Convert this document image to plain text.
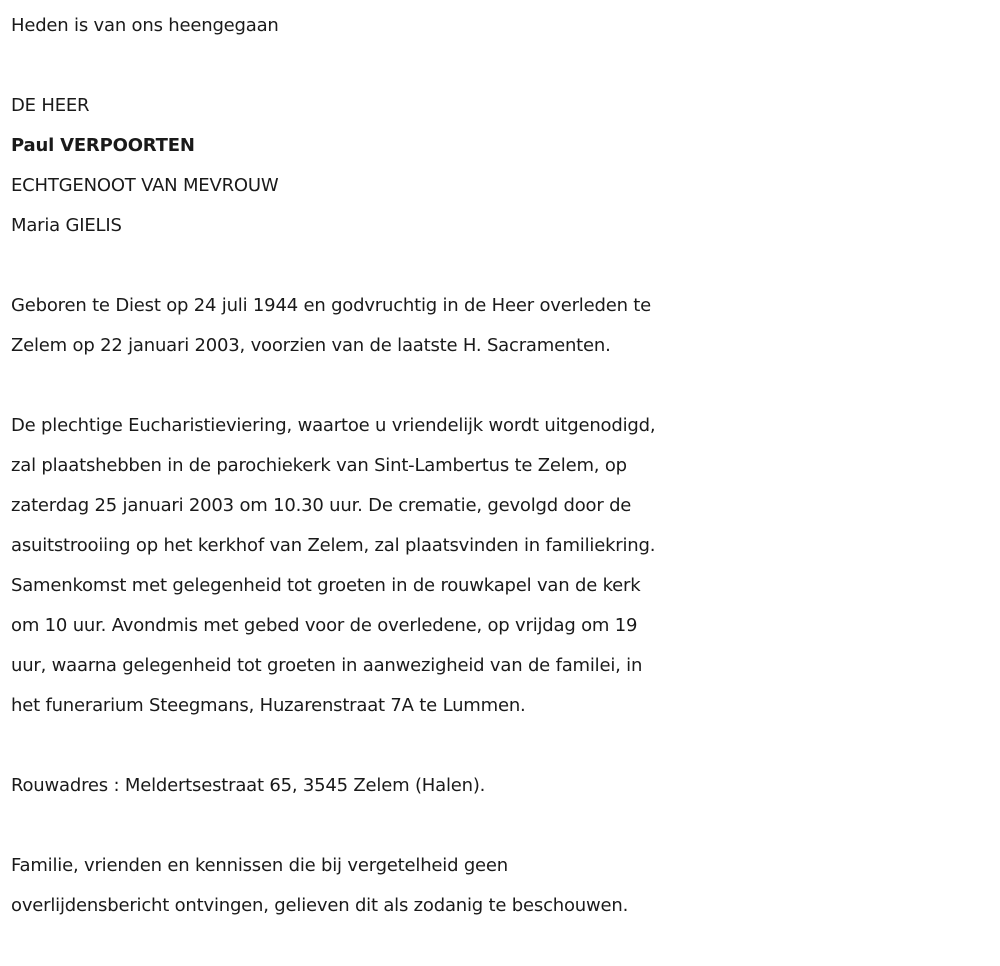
Heden is van ons heengegaan
DE HEER
Paul VERPOORTEN
ECHTGENOOT VAN MEVROUW
Maria GIELIS
Geboren te Diest op 24 juli 1944 en godvruchtig in de Heer overleden te
Zelem op 22 januari 2003, voorzien van de laatste H. Sacramenten.
De plechtige Eucharistieviering, waartoe u vriendelijk wordt uitgenodigd,
zal plaatshebben in de parochiekerk van Sint-Lambertus te Zelem, op
zaterdag 25 januari 2003 om 10.30 uur. De crematie, gevolgd door de
asuitstrooiing op het kerkhof van Zelem, zal plaatsvinden in familiekring.
Samenkomst met gelegenheid tot groeten in de rouwkapel van de kerk
om 10 uur. Avondmis met gebed voor de overledene, op vrijdag om 19
uur, waarna gelegenheid tot groeten in aanwezigheid van de familei, in
het funerarium Steegmans, Huzarenstraat 7A te Lummen.
Rouwadres : Meldertsestraat 65, 3545 Zelem (Halen).
Familie, vrienden en kennissen die bij vergetelheid geen
overlijdensbericht ontvingen, gelieven dit als zodanig te beschouwen.
